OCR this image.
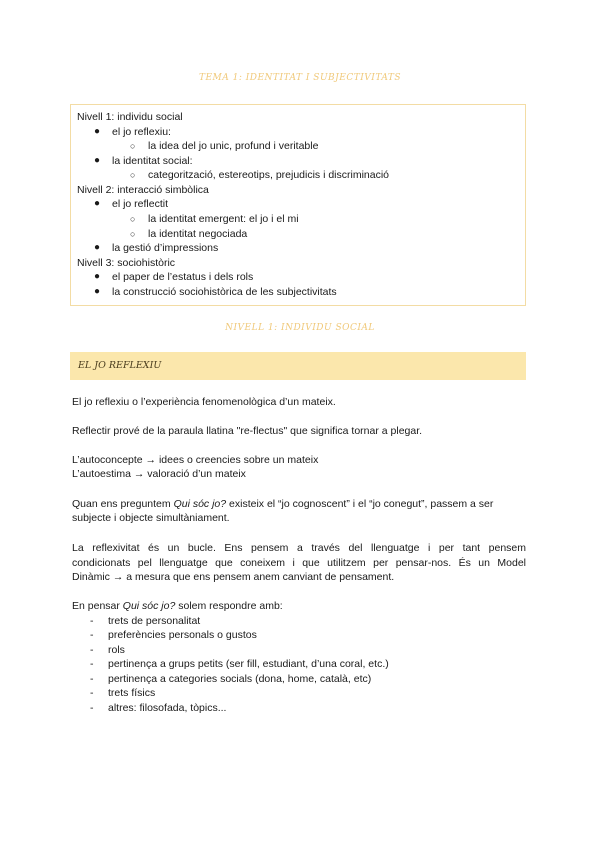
TEMA 1: IDENTITAT I SUBJECTIVITATS
Nivell 1: individu social
● el jo reflexiu:
○ la idea del jo unic, profund i veritable
● la identitat social:
○ categorització, estereotips, prejudicis i discriminació
Nivell 2: interacció simbòlica
● el jo reflectit
○ la identitat emergent: el jo i el mi
○ la identitat negociada
● la gestió d’impressions
Nivell 3: sociohistòric
● el paper de l’estatus i dels rols
● la construcció sociohistòrica de les subjectivitats
NIVELL 1: INDIVIDU SOCIAL
EL JO REFLEXIU
El jo reflexiu o l’experiència fenomenològica d’un mateix.
Reflectir prové de la paraula llatina "re-flectus" que significa tornar a plegar.
L’autoconcepte → idees o creencies sobre un mateix
L’autoestima → valoració d’un mateix
Quan ens preguntem Qui sóc jo? existeix el “jo cognoscent” i el “jo conegut”, passem a ser
subjecte i objecte simultàniament.
La reflexivitat és un bucle. Ens pensem a través del llenguatge i per tant pensem
condicionats pel llenguatge que coneixem i que utilitzem per pensar-nos. És un Model
Dinàmic → a mesura que ens pensem anem canviant de pensament.
En pensar Qui sóc jo? solem respondre amb:
- trets de personalitat
- preferències personals o gustos
- rols
- pertinença a grups petits (ser fill, estudiant, d’una coral, etc.)
- pertinença a categories socials (dona, home, català, etc)
- trets físics
- altres: filosofada, tòpics...
